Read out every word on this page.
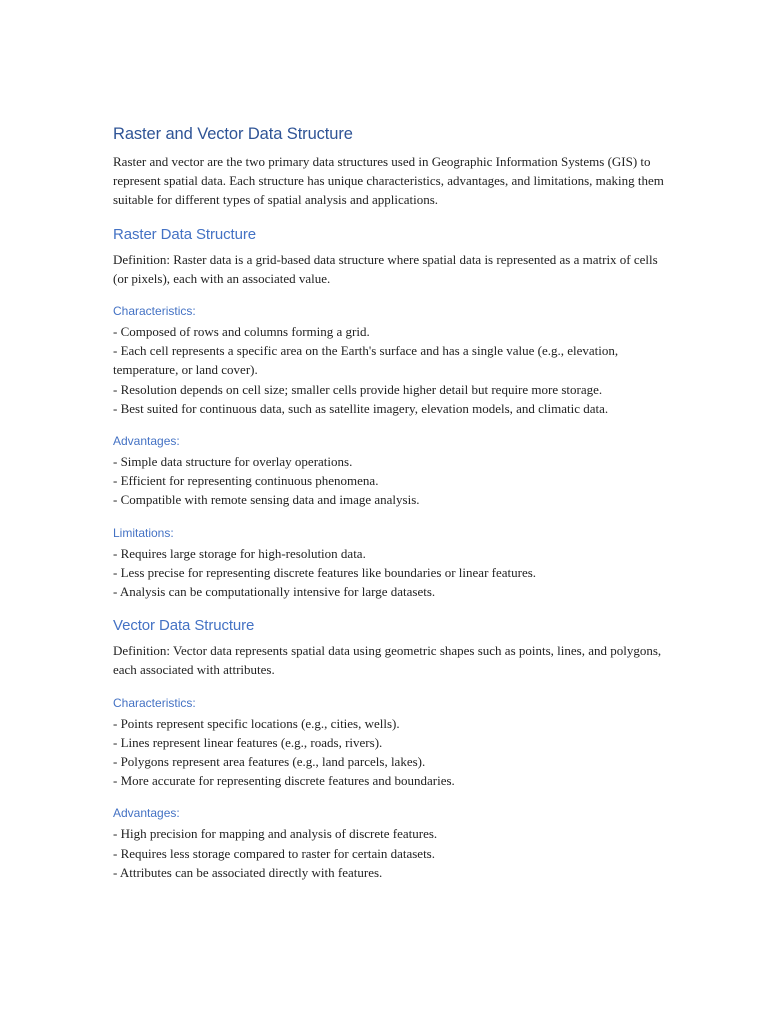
Raster and Vector Data Structure

Raster and vector are the two primary data structures used in Geographic Information Systems (GIS) to represent spatial data. Each structure has unique characteristics, advantages, and limitations, making them suitable for different types of spatial analysis and applications.

Raster Data Structure

Definition: Raster data is a grid-based data structure where spatial data is represented as a matrix of cells (or pixels), each with an associated value.

Characteristics:
- Composed of rows and columns forming a grid.
- Each cell represents a specific area on the Earth's surface and has a single value (e.g., elevation, temperature, or land cover).
- Resolution depends on cell size; smaller cells provide higher detail but require more storage.
- Best suited for continuous data, such as satellite imagery, elevation models, and climatic data.
Advantages:
- Simple data structure for overlay operations.
- Efficient for representing continuous phenomena.
- Compatible with remote sensing data and image analysis.
Limitations:
- Requires large storage for high-resolution data.
- Less precise for representing discrete features like boundaries or linear features.
- Analysis can be computationally intensive for large datasets.
Vector Data Structure

Definition: Vector data represents spatial data using geometric shapes such as points, lines, and polygons, each associated with attributes.

Characteristics:
- Points represent specific locations (e.g., cities, wells).
- Lines represent linear features (e.g., roads, rivers).
- Polygons represent area features (e.g., land parcels, lakes).
- More accurate for representing discrete features and boundaries.
Advantages:
- High precision for mapping and analysis of discrete features.
- Requires less storage compared to raster for certain datasets.
- Attributes can be associated directly with features.
